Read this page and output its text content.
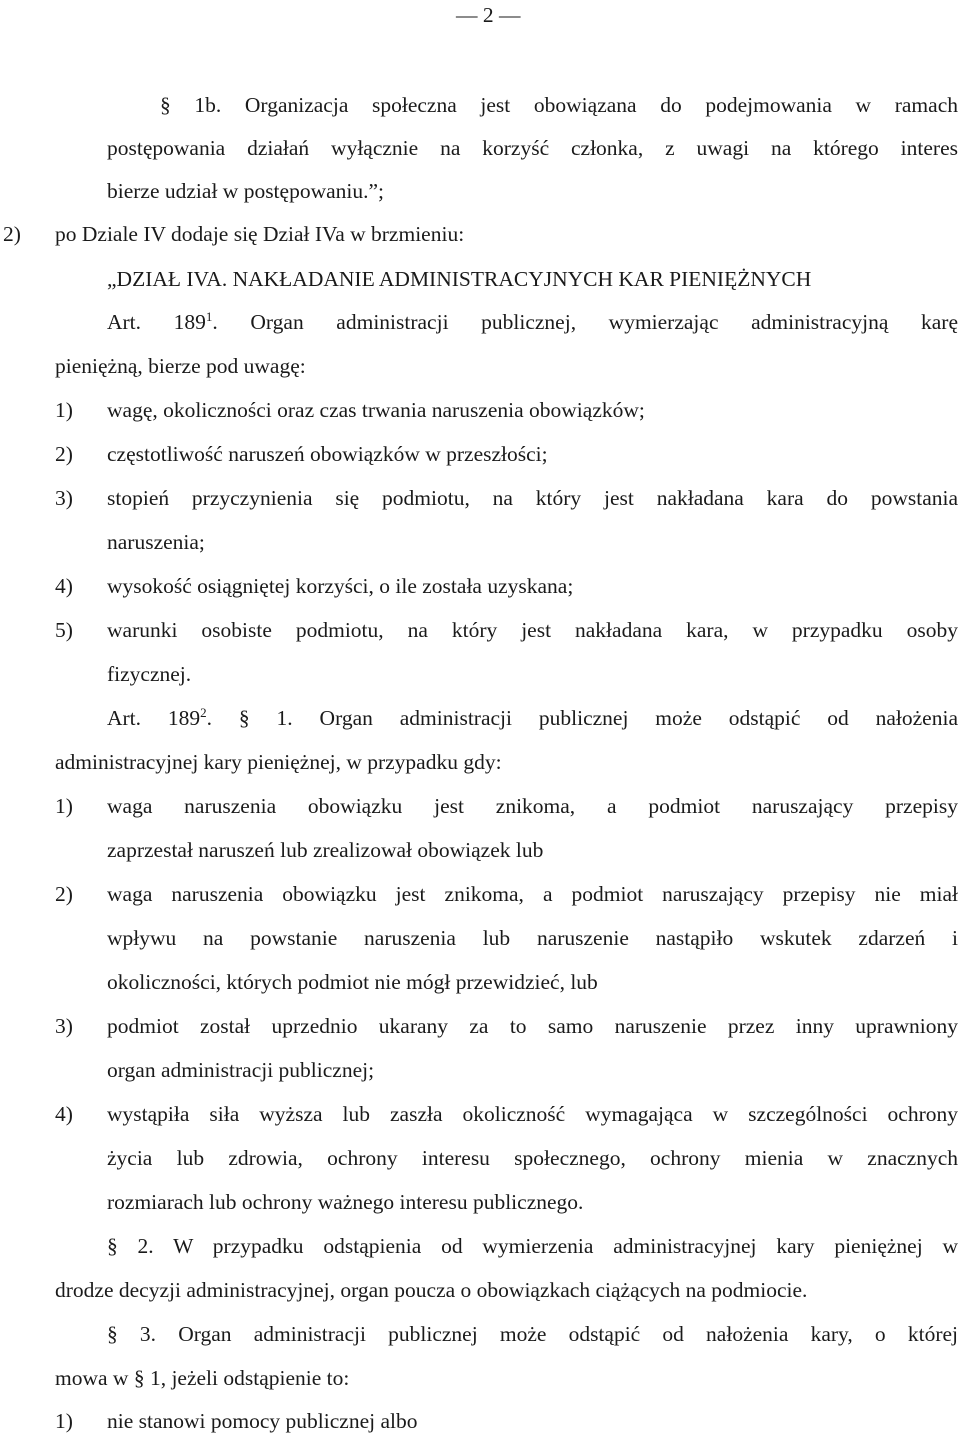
— 2 —
§ 1b. Organizacja społeczna jest obowiązana do podejmowania w ramach
postępowania działań wyłącznie na korzyść członka, z uwagi na którego interes
bierze udział w postępowaniu.”;
2) po Dziale IV dodaje się Dział IVa w brzmieniu:
„DZIAŁ IVA. NAKŁADANIE ADMINISTRACYJNYCH KAR PIENIĘŻNYCH
Art. $189^1$. Organ administracji publicznej, wymierzając administracyjną karę
pieniężną, bierze pod uwagę:
1) wagę, okoliczności oraz czas trwania naruszenia obowiązków;
2) częstotliwość naruszeń obowiązków w przeszłości;
3) stopień przyczynienia się podmiotu, na który jest nakładana kara do powstania
naruszenia;
4) wysokość osiągniętej korzyści, o ile została uzyskana;
5) warunki osobiste podmiotu, na który jest nakładana kara, w przypadku osoby
fizycznej.
Art. $189^2$. § 1. Organ administracji publicznej może odstąpić od nałożenia
administracyjnej kary pieniężnej, w przypadku gdy:
1) waga naruszenia obowiązku jest znikoma, a podmiot naruszający przepisy
zaprzestał naruszeń lub zrealizował obowiązek lub
2) waga naruszenia obowiązku jest znikoma, a podmiot naruszający przepisy nie miał
wpływu na powstanie naruszenia lub naruszenie nastąpiło wskutek zdarzeń i
okoliczności, których podmiot nie mógł przewidzieć, lub
3) podmiot został uprzednio ukarany za to samo naruszenie przez inny uprawniony
organ administracji publicznej;
4) wystąpiła siła wyższa lub zaszła okoliczność wymagająca w szczególności ochrony
życia lub zdrowia, ochrony interesu społecznego, ochrony mienia w znacznych
rozmiarach lub ochrony ważnego interesu publicznego.
§ 2. W przypadku odstąpienia od wymierzenia administracyjnej kary pieniężnej w
drodze decyzji administracyjnej, organ poucza o obowiązkach ciążących na podmiocie.
§ 3. Organ administracji publicznej może odstąpić od nałożenia kary, o której
mowa w § 1, jeżeli odstąpienie to:
1) nie stanowi pomocy publicznej albo
